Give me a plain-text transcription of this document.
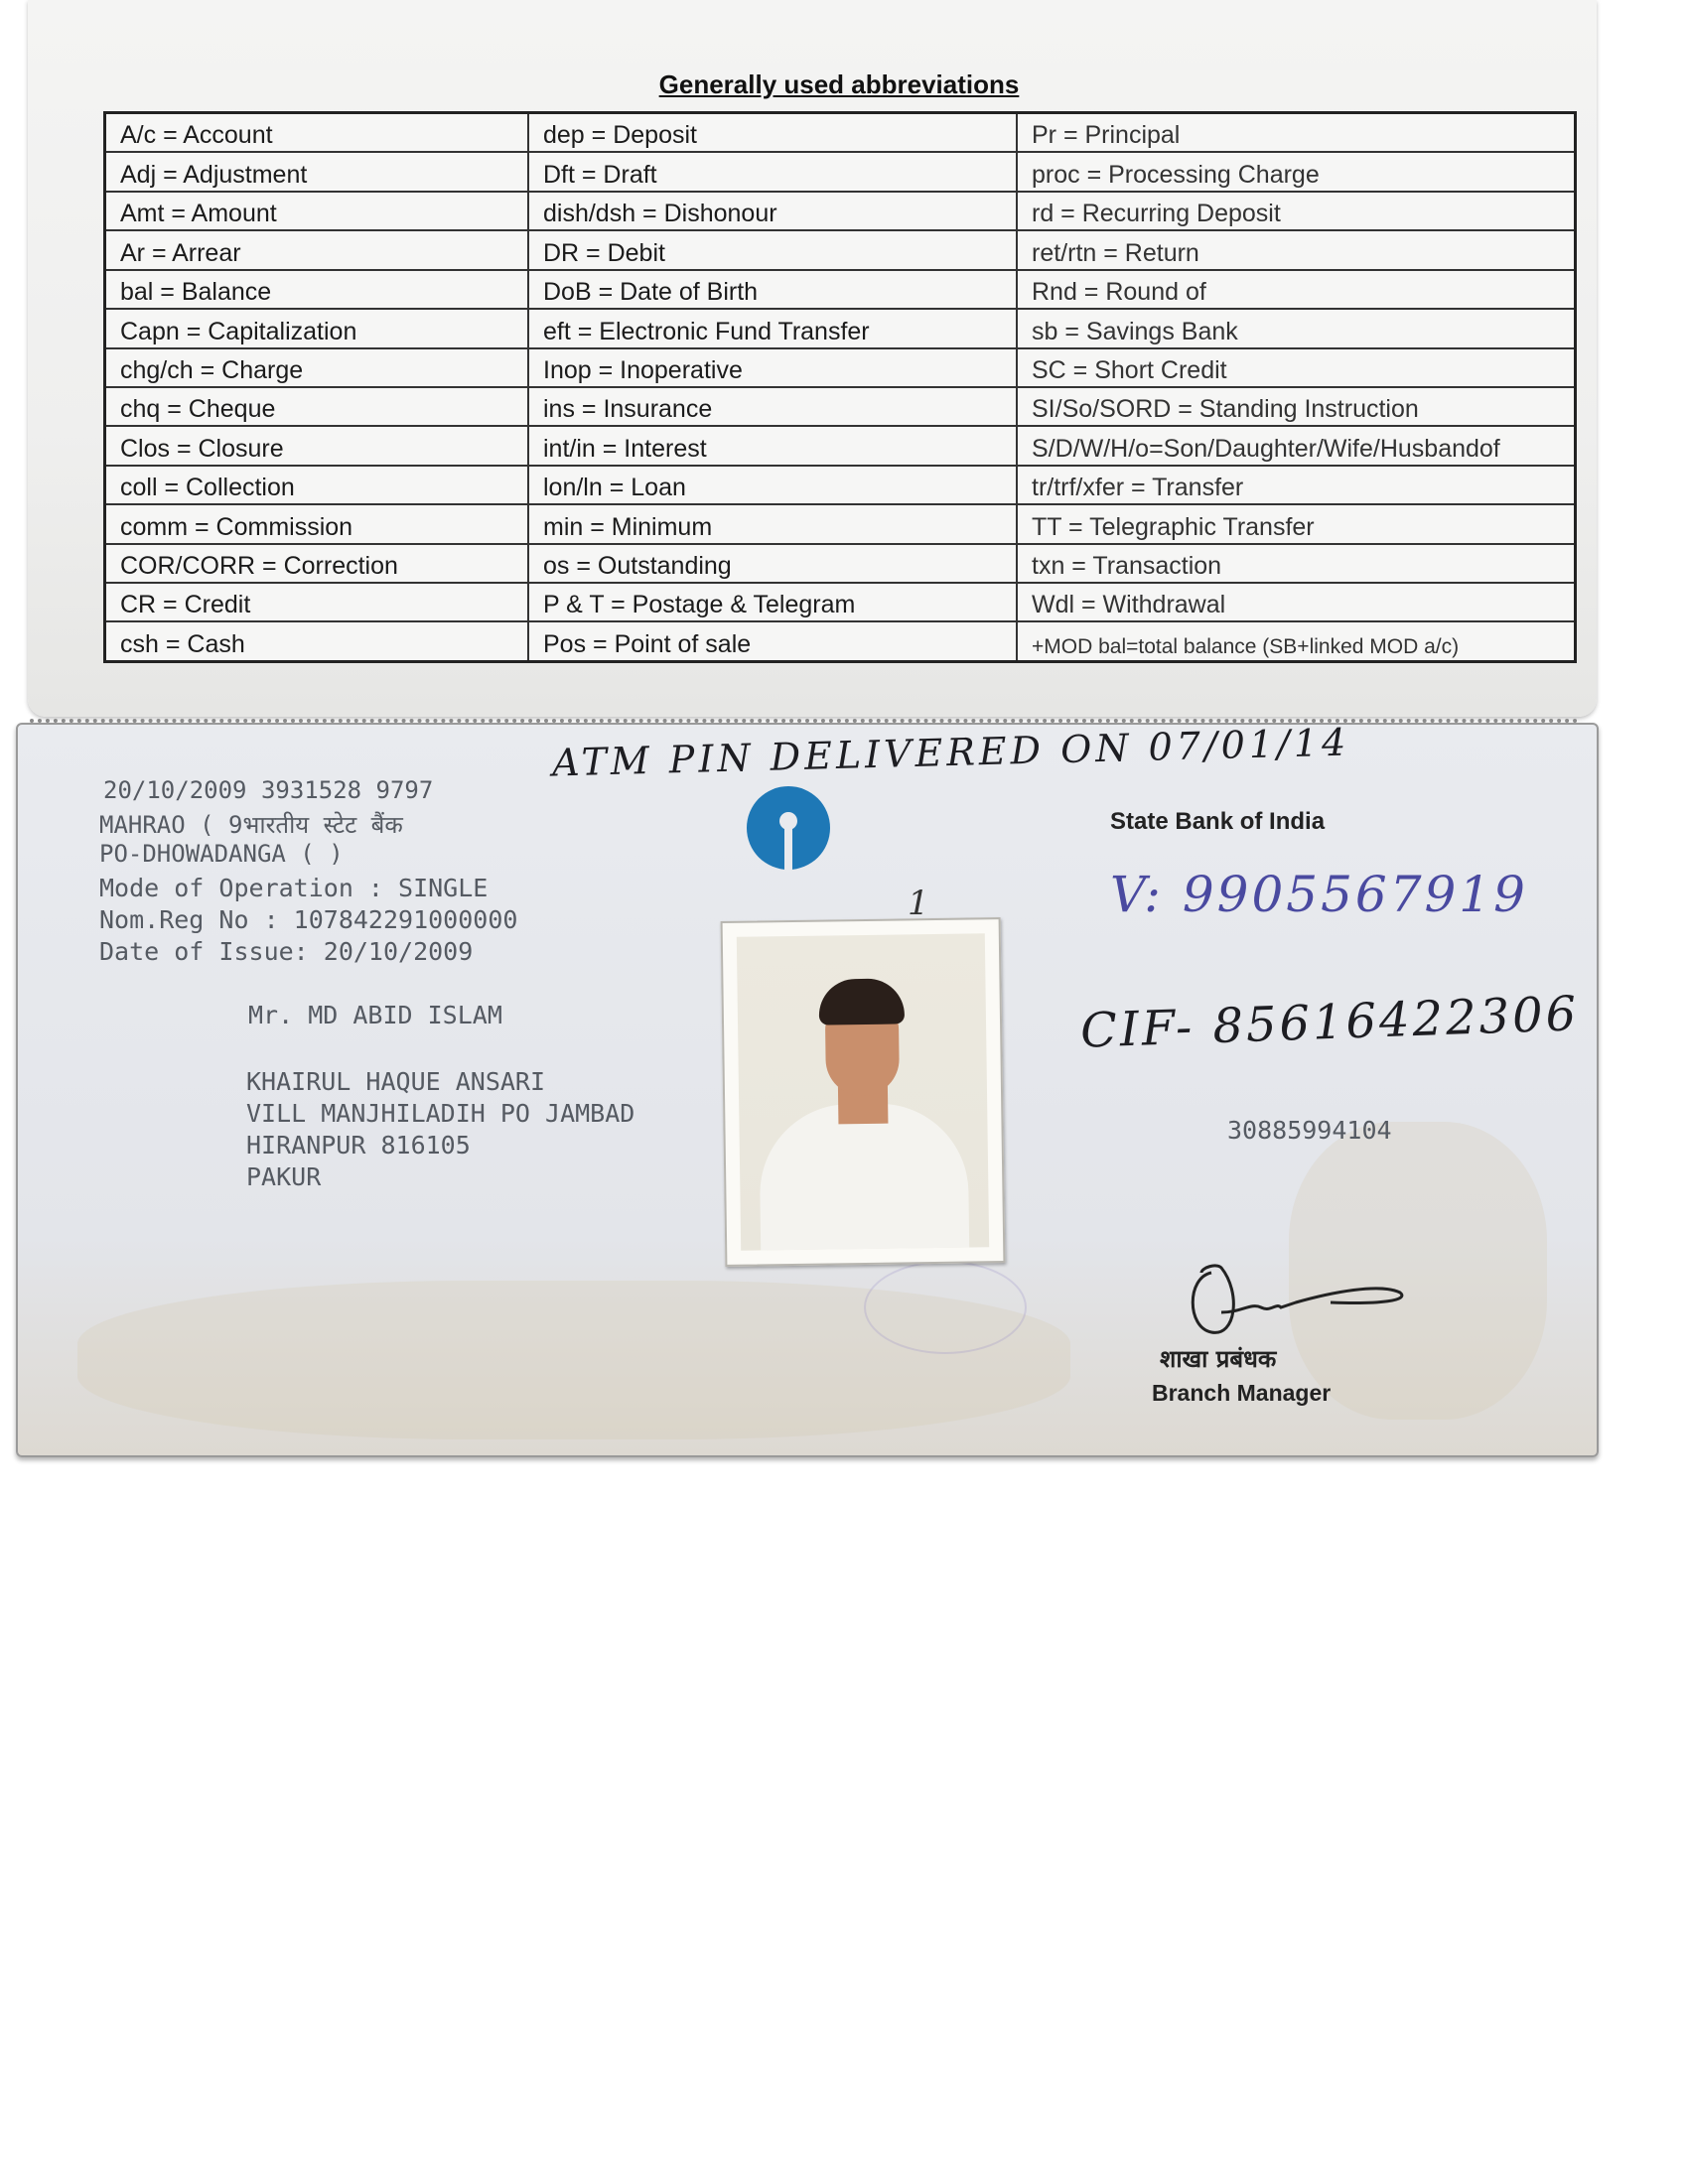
Generally used abbreviations
A/c = Account
Adj = Adjustment
Amt = Amount
Ar = Arrear
bal = Balance
Capn = Capitalization
chg/ch = Charge
chq = Cheque
Clos = Closure
coll = Collection
comm = Commission
COR/CORR = Correction
CR = Credit
csh = Cash
dep = Deposit
Dft = Draft
dish/dsh = Dishonour
DR = Debit
DoB = Date of Birth
eft = Electronic Fund Transfer
Inop = Inoperative
ins = Insurance
int/in = Interest
lon/ln = Loan
min = Minimum
os = Outstanding
P & T = Postage & Telegram
Pos = Point of sale
Pr = Principal
proc = Processing Charge
rd = Recurring Deposit
ret/rtn = Return
Rnd = Round of
sb = Savings Bank
SC = Short Credit
SI/So/SORD = Standing Instruction
S/D/W/H/o=Son/Daughter/Wife/Husbandof
tr/trf/xfer = Transfer
TT = Telegraphic Transfer
txn = Transaction
Wdl = Withdrawal
+MOD bal=total balance (SB+linked MOD a/c)
20/10/2009 3931528 9797
MAHRAO ( 9भारतीय स्टेट बैंक
PO-DHOWADANGA ( )
Mode of Operation : SINGLE
Nom.Reg No : 107842291000000
Date of Issue: 20/10/2009
Mr. MD ABID ISLAM
KHAIRUL HAQUE ANSARI
VILL MANJHILADIH PO JAMBAD
HIRANPUR 816105
PAKUR
30885994104
State Bank of India
ATM PIN DELIVERED ON 07/01/14
V: 9905567919
CIF- 85616422306
1
शाखा प्रबंधक
Branch Manager
